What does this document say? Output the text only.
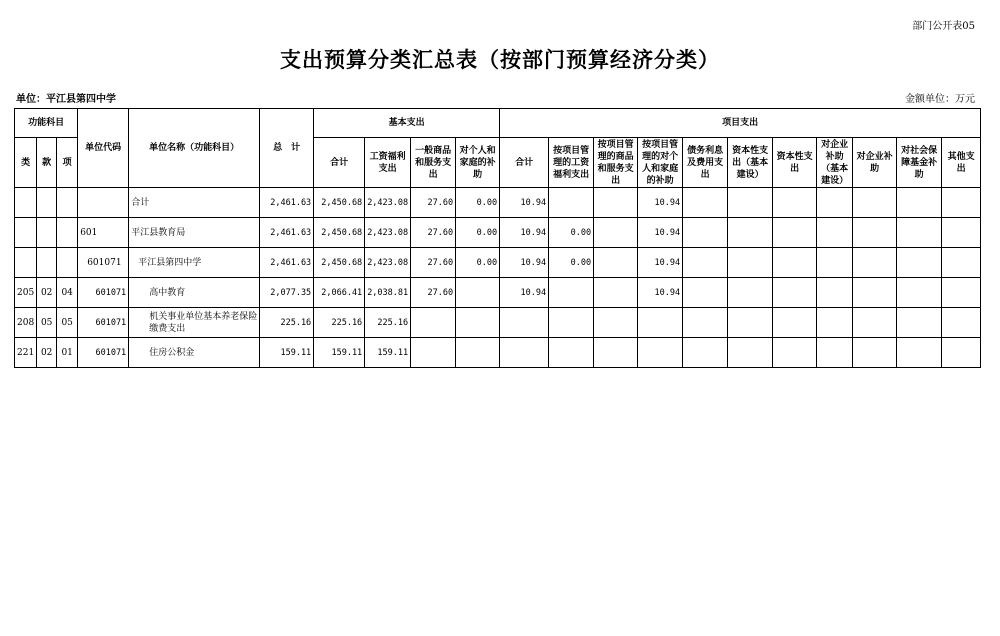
部门公开表05
支出预算分类汇总表（按部门预算经济分类）
单位：平江县第四中学	金额单位：万元
功能科目			单位代码	单位名称（功能科目）	总　计	基本支出				项目支出										
类	款	项				合计	工资福利支出	一般商品和服务支出	对个人和家庭的补助	合计	按项目管理的工资福利支出	按项目管理的商品和服务支出	按项目管理的对个人和家庭的补助	债务利息及费用支出	资本性支出（基本建设）	资本性支出	对企业补助（基本建设）	对企业补助	对社会保障基金补助	其他支出
				合计	2,461.63	2,450.68	2,423.08	27.60	0.00	10.94			10.94							
			601	平江县教育局	2,461.63	2,450.68	2,423.08	27.60	0.00	10.94	0.00		10.94							
			601071	平江县第四中学	2,461.63	2,450.68	2,423.08	27.60	0.00	10.94	0.00		10.94							
205	02	04	601071	高中教育	2,077.35	2,066.41	2,038.81	27.60		10.94			10.94							
208	05	05	601071	机关事业单位基本养老保险缴费支出	225.16	225.16	225.16													
221	02	01	601071	住房公积金	159.11	159.11	159.11													
